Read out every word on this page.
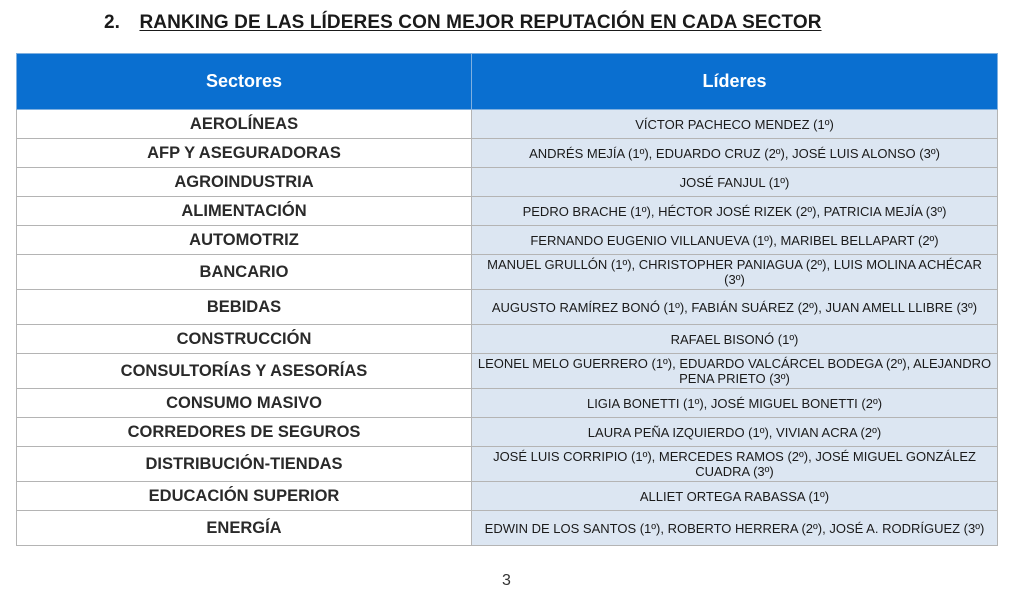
2. RANKING DE LAS LÍDERES CON MEJOR REPUTACIÓN EN CADA SECTOR
Sectores	Líderes
AEROLÍNEAS	VÍCTOR PACHECO MENDEZ (1º)
AFP Y ASEGURADORAS	ANDRÉS MEJÍA (1º), EDUARDO CRUZ (2º), JOSÉ LUIS ALONSO (3º)
AGROINDUSTRIA	JOSÉ FANJUL (1º)
ALIMENTACIÓN	PEDRO BRACHE (1º), HÉCTOR JOSÉ RIZEK (2º), PATRICIA MEJÍA (3º)
AUTOMOTRIZ	FERNANDO EUGENIO VILLANUEVA (1º), MARIBEL BELLAPART (2º)
BANCARIO	MANUEL GRULLÓN (1º), CHRISTOPHER PANIAGUA (2º), LUIS MOLINA ACHÉCAR (3º)
BEBIDAS	AUGUSTO RAMÍREZ BONÓ (1º), FABIÁN SUÁREZ (2º), JUAN AMELL LLIBRE (3º)
CONSTRUCCIÓN	RAFAEL BISONÓ (1º)
CONSULTORÍAS Y ASESORÍAS	LEONEL MELO GUERRERO (1º), EDUARDO VALCÁRCEL BODEGA (2º), ALEJANDRO PENA PRIETO (3º)
CONSUMO MASIVO	LIGIA BONETTI (1º), JOSÉ MIGUEL BONETTI (2º)
CORREDORES DE SEGUROS	LAURA PEÑA IZQUIERDO (1º), VIVIAN ACRA (2º)
DISTRIBUCIÓN-TIENDAS	JOSÉ LUIS CORRIPIO (1º), MERCEDES RAMOS (2º), JOSÉ MIGUEL GONZÁLEZ CUADRA (3º)
EDUCACIÓN SUPERIOR	ALLIET ORTEGA RABASSA (1º)
ENERGÍA	EDWIN DE LOS SANTOS (1º), ROBERTO HERRERA (2º), JOSÉ A. RODRÍGUEZ (3º)
3
